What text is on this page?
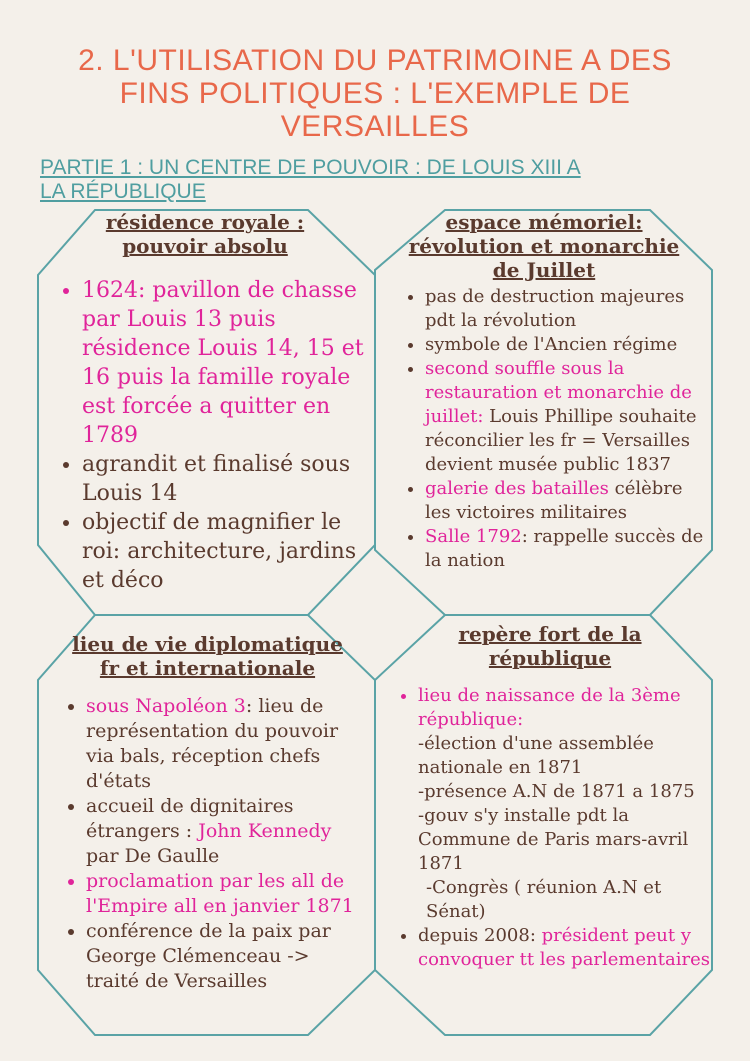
2. L'UTILISATION DU PATRIMOINE A DES
FINS POLITIQUES : L'EXEMPLE DE
VERSAILLES
PARTIE 1 : UN CENTRE DE POUVOIR : DE LOUIS XIII A
LA RÉPUBLIQUE
résidence royale :
pouvoir absolu
• 1624: pavillon de chasse par Louis 13 puis résidence Louis 14, 15 et 16 puis la famille royale est forcée a quitter en 1789
• agrandit et finalisé sous Louis 14
• objectif de magnifier le roi: architecture, jardins et déco
espace mémoriel:
révolution et monarchie
de Juillet
• pas de destruction majeures pdt la révolution
• symbole de l'Ancien régime
• second souffle sous la restauration et monarchie de juillet: Louis Phillipe souhaite réconcilier les fr = Versailles devient musée public 1837
• galerie des batailles célèbre les victoires militaires
• Salle 1792: rappelle succès de la nation
lieu de vie diplomatique
fr et internationale
• sous Napoléon 3: lieu de représentation du pouvoir via bals, réception chefs d'états
• accueil de dignitaires étrangers : John Kennedy par De Gaulle
• proclamation par les all de l'Empire all en janvier 1871
• conférence de la paix par George Clémenceau -> traité de Versailles
repère fort de la
république
• lieu de naissance de la 3ème république:
-élection d'une assemblée nationale en 1871
-présence A.N de 1871 a 1875
-gouv s'y installe pdt la Commune de Paris mars-avril 1871
-Congrès ( réunion A.N et Sénat)
• depuis 2008: président peut y convoquer tt les parlementaires
